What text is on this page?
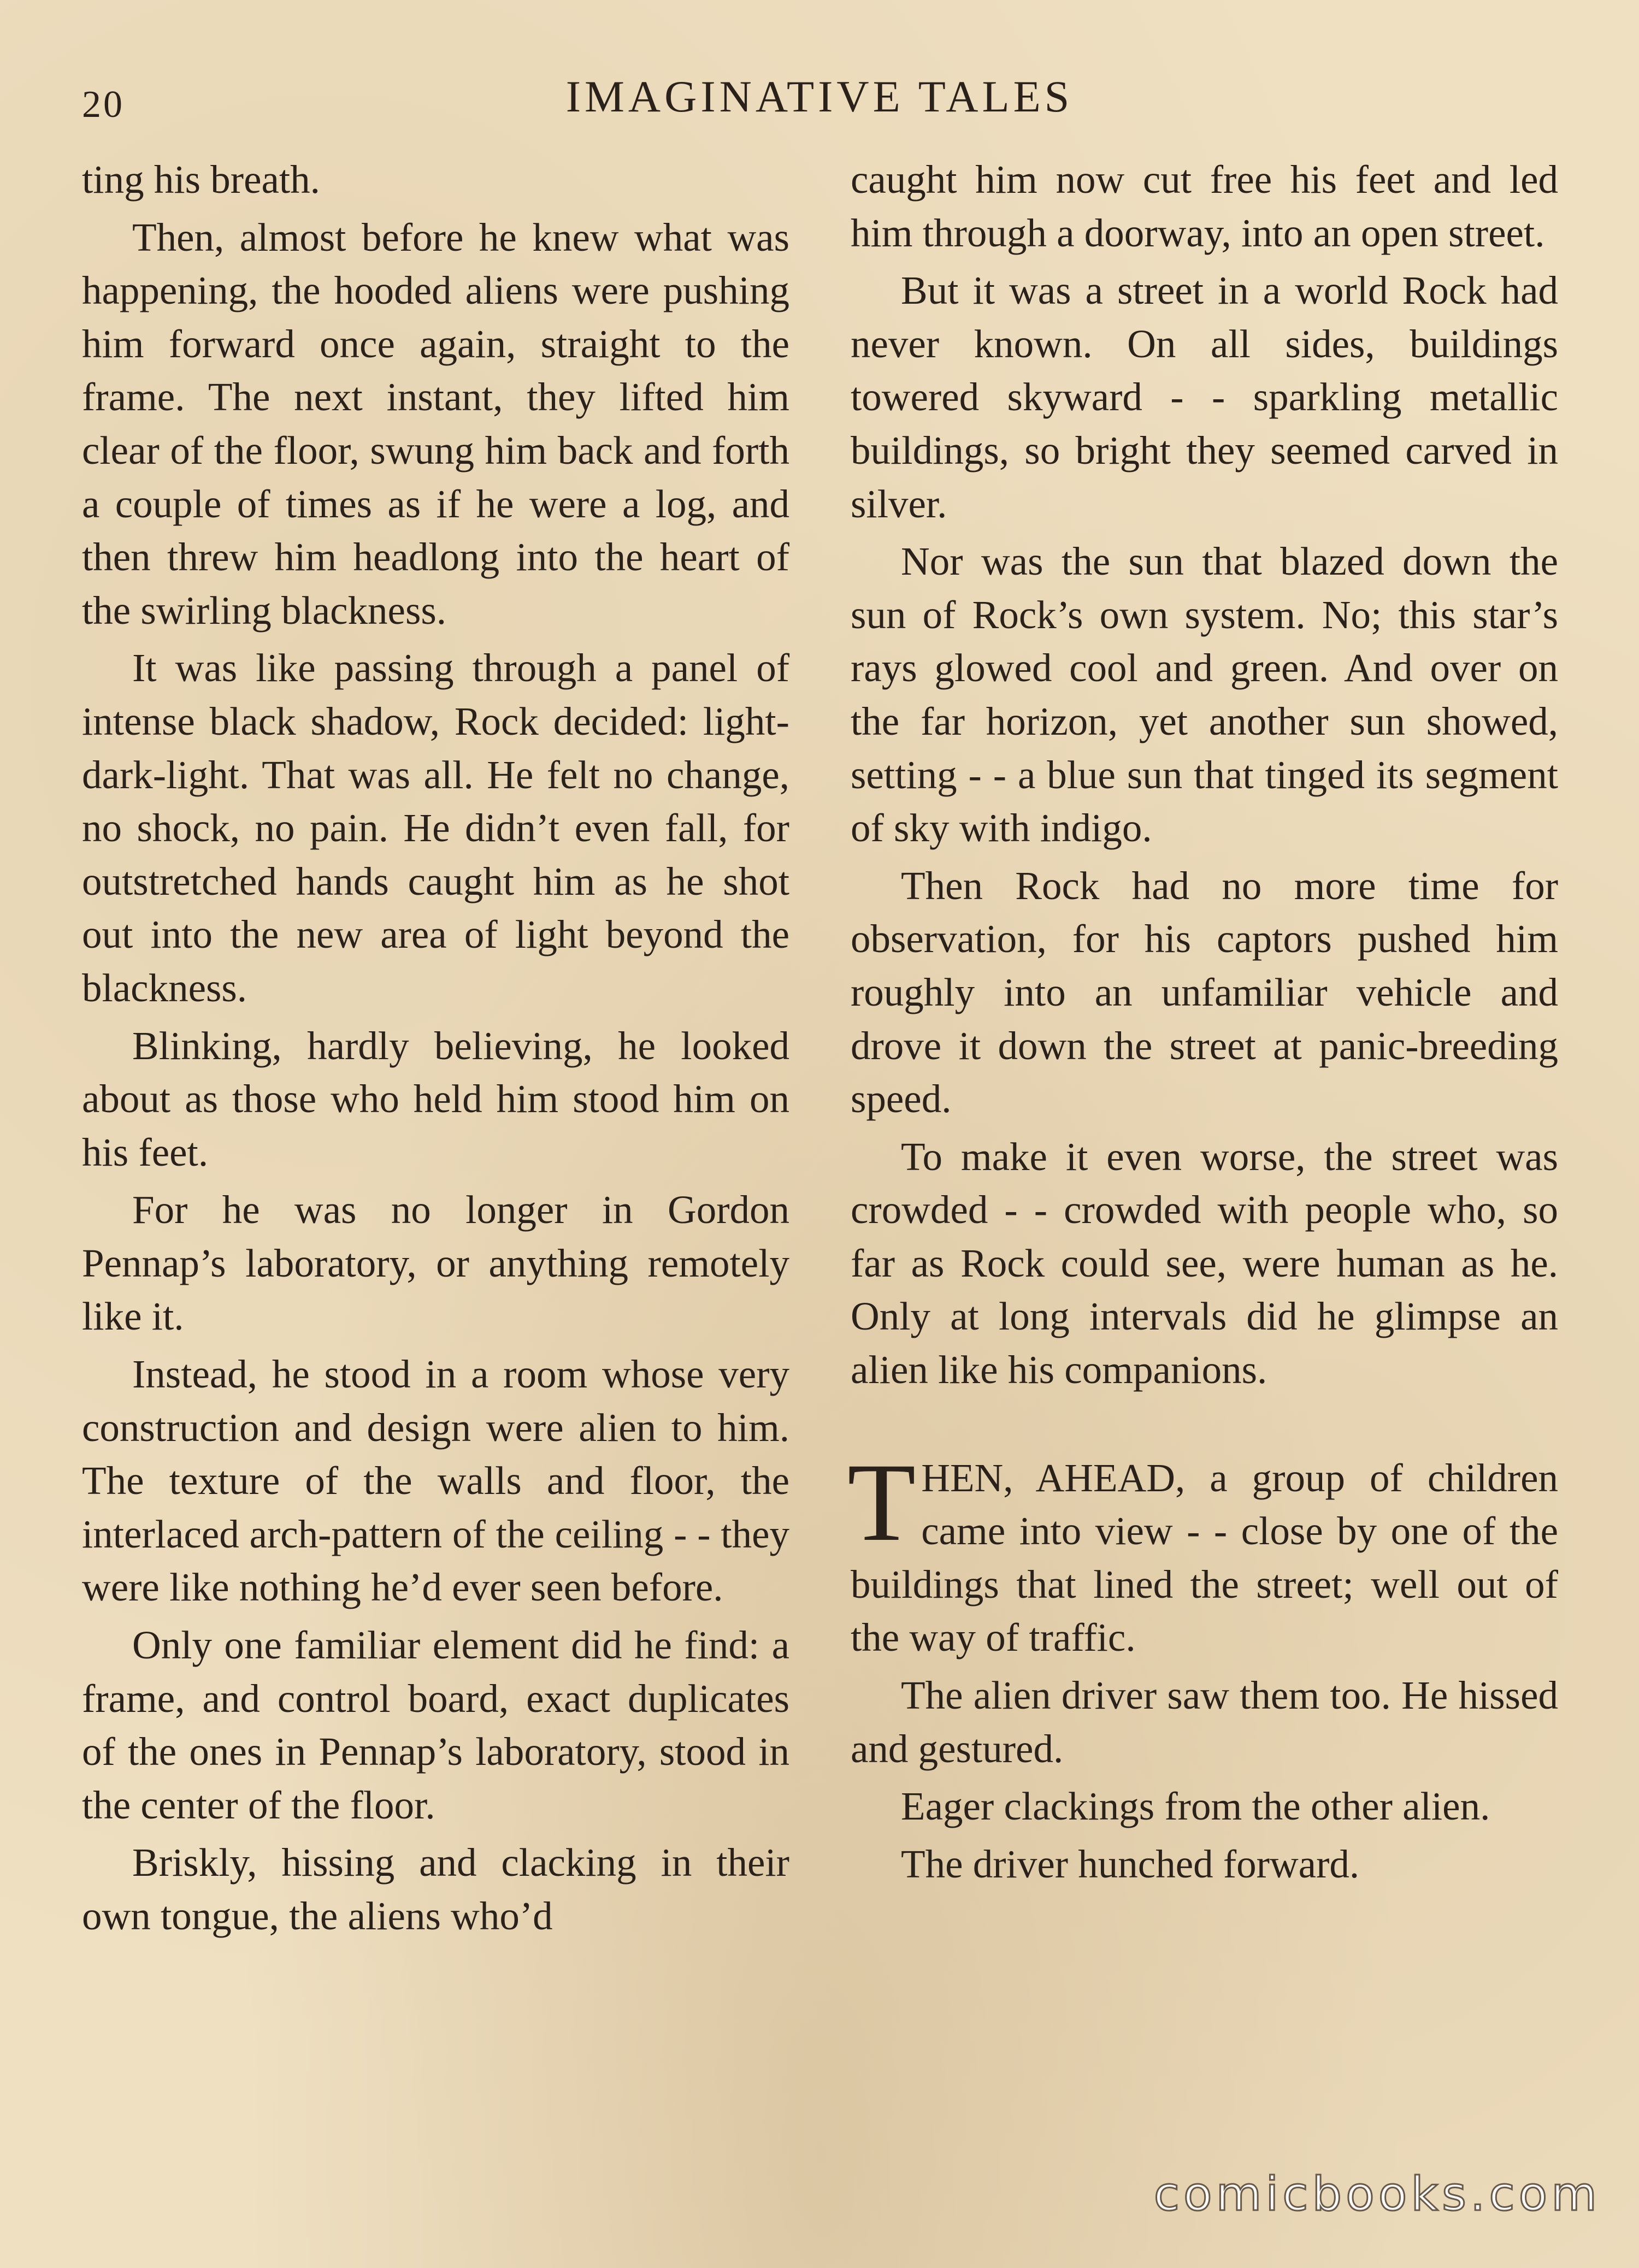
20	IMAGINATIVE TALES

ting his breath.

Then, almost before he knew what was happening, the hooded aliens were pushing him forward once again, straight to the frame. The next instant, they lifted him clear of the floor, swung him back and forth a couple of times as if he were a log, and then threw him headlong into the heart of the swirling blackness.

It was like passing through a panel of intense black shadow, Rock decided: light-dark-light. That was all. He felt no change, no shock, no pain. He didn’t even fall, for outstretched hands caught him as he shot out into the new area of light beyond the blackness.

Blinking, hardly believing, he looked about as those who held him stood him on his feet.

For he was no longer in Gordon Pennap’s laboratory, or anything remotely like it.

Instead, he stood in a room whose very construction and design were alien to him. The texture of the walls and floor, the interlaced arch-pattern of the ceiling - - they were like nothing he’d ever seen before.

Only one familiar element did he find: a frame, and control board, exact duplicates of the ones in Pennap’s laboratory, stood in the center of the floor.

Briskly, hissing and clacking in their own tongue, the aliens who’d

caught him now cut free his feet and led him through a doorway, into an open street.

But it was a street in a world Rock had never known. On all sides, buildings towered skyward - - sparkling metallic buildings, so bright they seemed carved in silver.

Nor was the sun that blazed down the sun of Rock’s own system. No; this star’s rays glowed cool and green. And over on the far horizon, yet another sun showed, setting - - a blue sun that tinged its segment of sky with indigo.

Then Rock had no more time for observation, for his captors pushed him roughly into an unfamiliar vehicle and drove it down the street at panic-breeding speed.

To make it even worse, the street was crowded - - crowded with people who, so far as Rock could see, were human as he. Only at long intervals did he glimpse an alien like his companions.

THEN, AHEAD, a group of children came into view - - close by one of the buildings that lined the street; well out of the way of traffic.

The alien driver saw them too. He hissed and gestured.

Eager clackings from the other alien.

The driver hunched forward.

comicbooks.com
